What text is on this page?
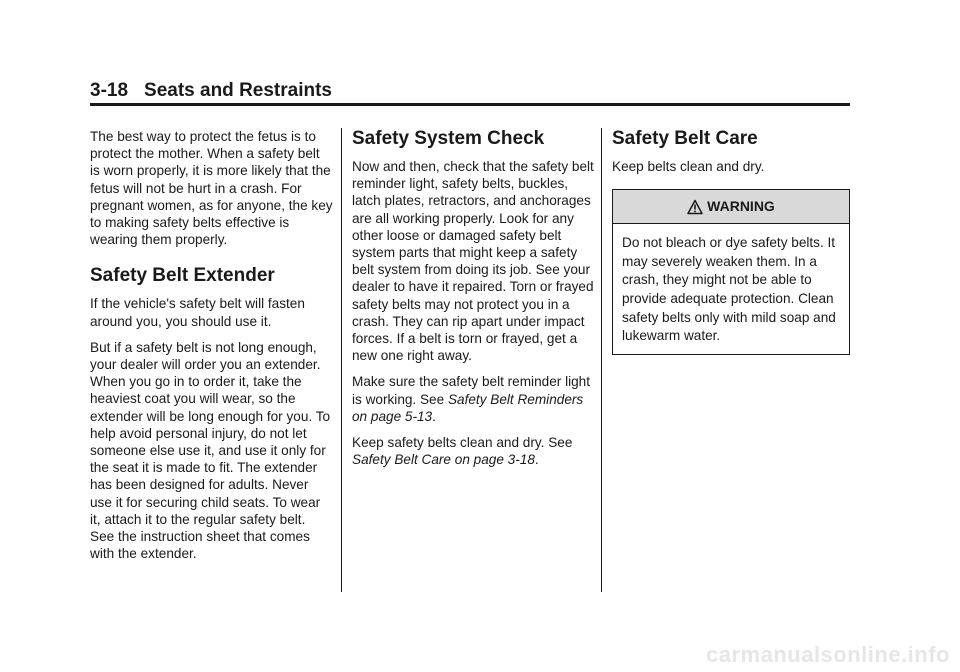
3-18 Seats and Restraints

The best way to protect the fetus is to protect the mother. When a safety belt is worn properly, it is more likely that the fetus will not be hurt in a crash. For pregnant women, as for anyone, the key to making safety belts effective is wearing them properly.

Safety Belt Extender

If the vehicle's safety belt will fasten around you, you should use it.

But if a safety belt is not long enough, your dealer will order you an extender. When you go in to order it, take the heaviest coat you will wear, so the extender will be long enough for you. To help avoid personal injury, do not let someone else use it, and use it only for the seat it is made to fit. The extender has been designed for adults. Never use it for securing child seats. To wear it, attach it to the regular safety belt. See the instruction sheet that comes with the extender.

Safety System Check

Now and then, check that the safety belt reminder light, safety belts, buckles, latch plates, retractors, and anchorages are all working properly. Look for any other loose or damaged safety belt system parts that might keep a safety belt system from doing its job. See your dealer to have it repaired. Torn or frayed safety belts may not protect you in a crash. They can rip apart under impact forces. If a belt is torn or frayed, get a new one right away.

Make sure the safety belt reminder light is working. See Safety Belt Reminders on page 5-13.

Keep safety belts clean and dry. See Safety Belt Care on page 3-18.

Safety Belt Care

Keep belts clean and dry.

WARNING
Do not bleach or dye safety belts. It may severely weaken them. In a crash, they might not be able to provide adequate protection. Clean safety belts only with mild soap and lukewarm water.
carmanualsonline.info
